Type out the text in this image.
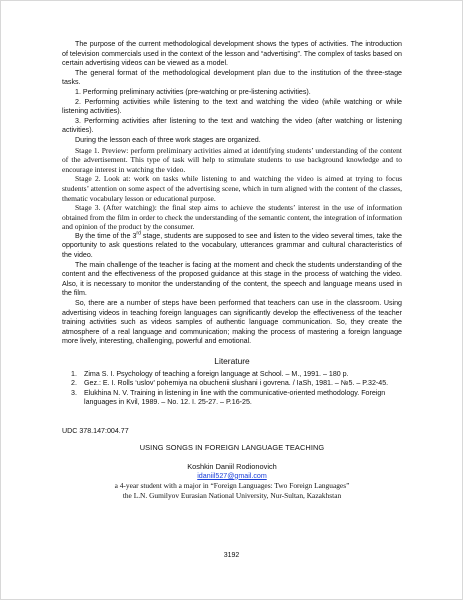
The purpose of the current methodological development shows the types of activities. The introduction of television commercials used in the context of the lesson and “advertising”. The complex of tasks based on certain advertising videos can be viewed as a model.

The general format of the methodological development plan due to the institution of the three-stage tasks.

1. Performing preliminary activities (pre-watching or pre-listening activities).

2. Performing activities while listening to the text and watching the video (while watching or while listening activities).

3. Performing activities after listening to the text and watching the video (after watching or listening activities).

During the lesson each of three work stages are organized.

Stage 1. Preview: perform preliminary activities aimed at identifying students’ understanding of the content of the advertisement. This type of task will help to stimulate students to use background knowledge and to encourage interest in watching the video.

Stage 2. Look at: work on tasks while listening to and watching the video is aimed at trying to focus students’ attention on some aspect of the advertising scene, which in turn aligned with the content of the classes, thematic vocabulary lesson or educational purpose.

Stage 3. (After watching): the final step aims to achieve the students’ interest in the use of information obtained from the film in order to check the understanding of the semantic content, the integration of information and opinion of the product by the consumer.

By the time of the 3rd stage, students are supposed to see and listen to the video several times, take the opportunity to ask questions related to the vocabulary, utterances grammar and cultural characteristics of the video.

The main challenge of the teacher is facing at the moment and check the students understanding of the content and the effectiveness of the proposed guidance at this stage in the process of watching the video. Also, it is necessary to monitor the understanding of the content, the speech and language means used in the film.

So, there are a number of steps have been performed that teachers can use in the classroom. Using advertising videos in teaching foreign languages can significantly develop the effectiveness of the teacher training activities such as videos samples of authentic language communication. So, they create the atmosphere of a real language and communication; making the process of mastering a foreign language more lively, interesting, challenging, powerful and emotional.

Literature
1. Zima S. I. Psychology of teaching a foreign language at School. – M., 1991. – 180 p.
2. Gez.: E. I. Rolls ‘uslov’ pohemiya na obuchenii slushani i govrena. / IaSh, 1981. – №5. – P.32-45.
3. Elukhina N. V. Training in listening in line with the communicative-oriented methodology. Foreign languages in Kvil, 1989. – No. 12. I. 25-27. – P.16-25.
UDC 378.147:004.77
USING SONGS IN FOREIGN LANGUAGE TEACHING
Koshkin Daniil Rodionovich
idaniil527@gmail.com
a 4-year student with a major in “Foreign Languages: Two Foreign Languages”
the L.N. Gumilyov Eurasian National University, Nur-Sultan, Kazakhstan
3192
